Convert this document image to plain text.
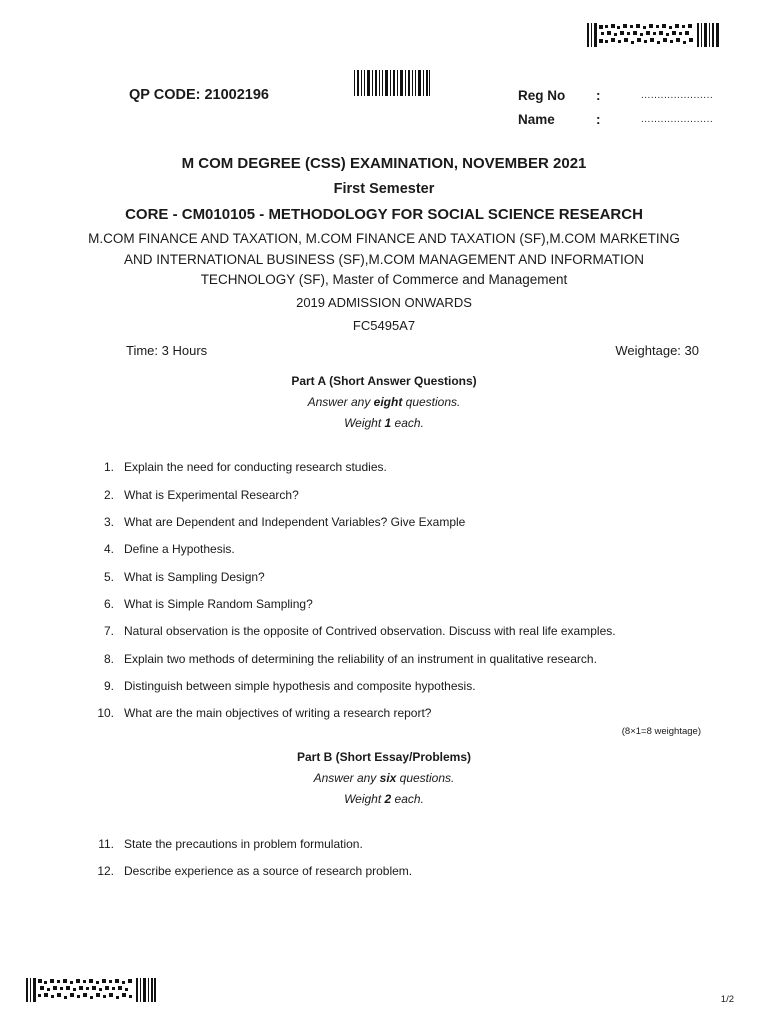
QP CODE: 21002196	Reg No :	......................
Name	:	......................
M COM DEGREE (CSS) EXAMINATION, NOVEMBER 2021
First Semester
CORE - CM010105 - METHODOLOGY FOR SOCIAL SCIENCE RESEARCH
M.COM FINANCE AND TAXATION, M.COM FINANCE AND TAXATION (SF),M.COM MARKETING
AND INTERNATIONAL BUSINESS (SF),M.COM MANAGEMENT AND INFORMATION
TECHNOLOGY (SF), Master of Commerce and Management
2019 ADMISSION ONWARDS
FC5495A7
Time: 3 Hours	Weightage: 30
Part A (Short Answer Questions)
Answer any eight questions.
Weight 1 each.
1. Explain the need for conducting research studies.
2. What is Experimental Research?
3. What are Dependent and Independent Variables? Give Example
4. Define a Hypothesis.
5. What is Sampling Design?
6. What is Simple Random Sampling?
7. Natural observation is the opposite of Contrived observation. Discuss with real life examples.
8. Explain two methods of determining the reliability of an instrument in qualitative research.
9. Distinguish between simple hypothesis and composite hypothesis.
10. What are the main objectives of writing a research report?
(8×1=8 weightage)
Part B (Short Essay/Problems)
Answer any six questions.
Weight 2 each.
11. State the precautions in problem formulation.
12. Describe experience as a source of research problem.
1/2
